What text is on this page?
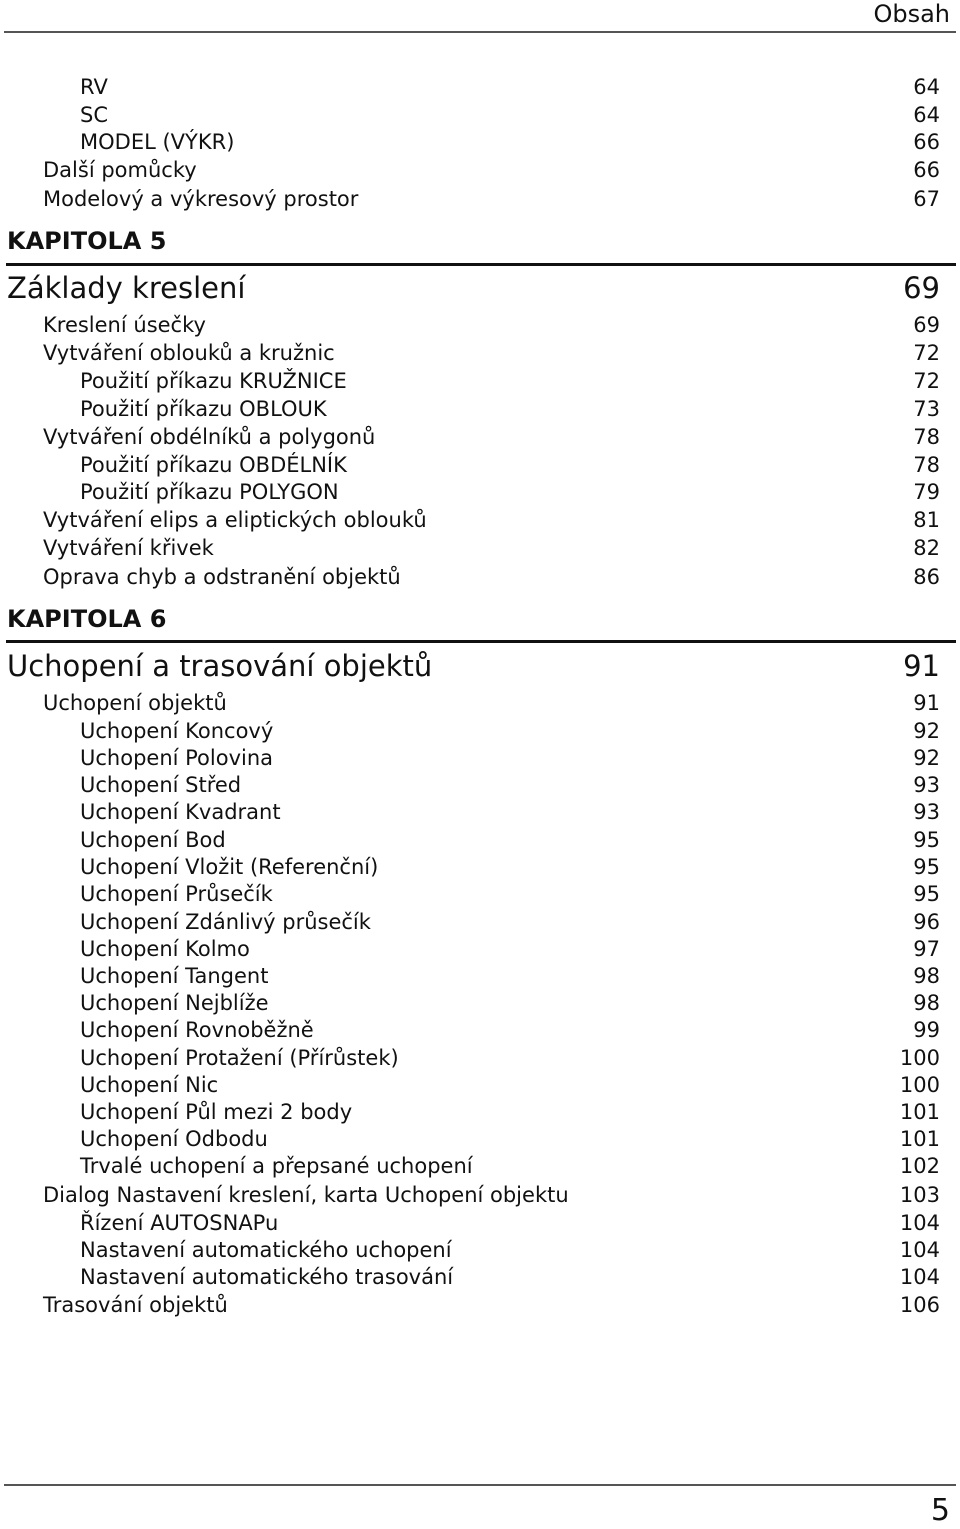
Obsah
RV	64
SC	64
MODEL (VÝKR)	66
Další pomůcky	66
Modelový a výkresový prostor	67
KAPITOLA 5
Základy kreslení	69
Kreslení úsečky	69
Vytváření oblouků a kružnic	72
Použití příkazu KRUŽNICE	72
Použití příkazu OBLOUK	73
Vytváření obdélníků a polygonů	78
Použití příkazu OBDÉLNÍK	78
Použití příkazu POLYGON	79
Vytváření elips a eliptických oblouků	81
Vytváření křivek	82
Oprava chyb a odstranění objektů	86
KAPITOLA 6
Uchopení a trasování objektů	91
Uchopení objektů	91
Uchopení Koncový	92
Uchopení Polovina	92
Uchopení Střed	93
Uchopení Kvadrant	93
Uchopení Bod	95
Uchopení Vložit (Referenční)	95
Uchopení Průsečík	95
Uchopení Zdánlivý průsečík	96
Uchopení Kolmo	97
Uchopení Tangent	98
Uchopení Nejblíže	98
Uchopení Rovnoběžně	99
Uchopení Protažení (Přírůstek)	100
Uchopení Nic	100
Uchopení Půl mezi 2 body	101
Uchopení Odbodu	101
Trvalé uchopení a přepsané uchopení	102
Dialog Nastavení kreslení, karta Uchopení objektu	103
Řízení AUTOSNAPu	104
Nastavení automatického uchopení	104
Nastavení automatického trasování	104
Trasování objektů	106
5
